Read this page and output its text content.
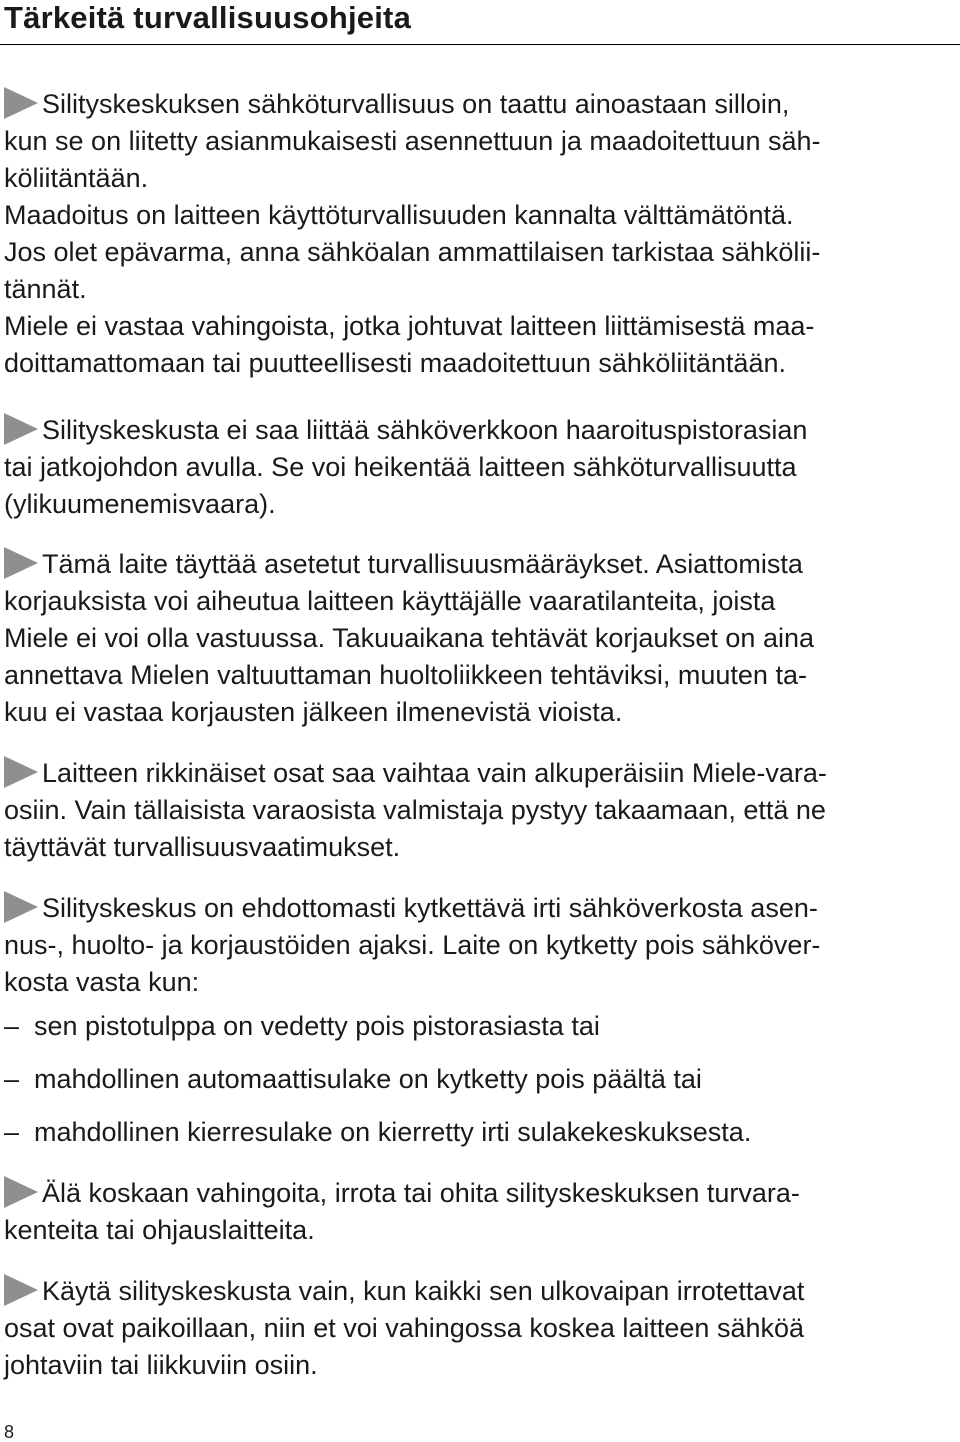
Tärkeitä turvallisuusohjeita
Silityskeskuksen sähköturvallisuus on taattu ainoastaan silloin,
kun se on liitetty asianmukaisesti asennettuun ja maadoitettuun säh-
köliitäntään.
Maadoitus on laitteen käyttöturvallisuuden kannalta välttämätöntä.
Jos olet epävarma, anna sähköalan ammattilaisen tarkistaa sähkölii-
tännät.
Miele ei vastaa vahingoista, jotka johtuvat laitteen liittämisestä maa-
doittamattomaan tai puutteellisesti maadoitettuun sähköliitäntään.
Silityskeskusta ei saa liittää sähköverkkoon haaroituspistorasian
tai jatkojohdon avulla. Se voi heikentää laitteen sähköturvallisuutta
(ylikuumenemisvaara).
Tämä laite täyttää asetetut turvallisuusmääräykset. Asiattomista
korjauksista voi aiheutua laitteen käyttäjälle vaaratilanteita, joista
Miele ei voi olla vastuussa. Takuuaikana tehtävät korjaukset on aina
annettava Mielen valtuuttaman huoltoliikkeen tehtäviksi, muuten ta-
kuu ei vastaa korjausten jälkeen ilmenevistä vioista.
Laitteen rikkinäiset osat saa vaihtaa vain alkuperäisiin Miele-vara-
osiin. Vain tällaisista varaosista valmistaja pystyy takaamaan, että ne
täyttävät turvallisuusvaatimukset.
Silityskeskus on ehdottomasti kytkettävä irti sähköverkosta asen-
nus-, huolto- ja korjaustöiden ajaksi. Laite on kytketty pois sähköver-
kosta vasta kun:
– sen pistotulppa on vedetty pois pistorasiasta tai
– mahdollinen automaattisulake on kytketty pois päältä tai
– mahdollinen kierresulake on kierretty irti sulakekeskuksesta.
Älä koskaan vahingoita, irrota tai ohita silityskeskuksen turvara-
kenteita tai ohjauslaitteita.
Käytä silityskeskusta vain, kun kaikki sen ulkovaipan irrotettavat
osat ovat paikoillaan, niin et voi vahingossa koskea laitteen sähköä
johtaviin tai liikkuviin osiin.
8
